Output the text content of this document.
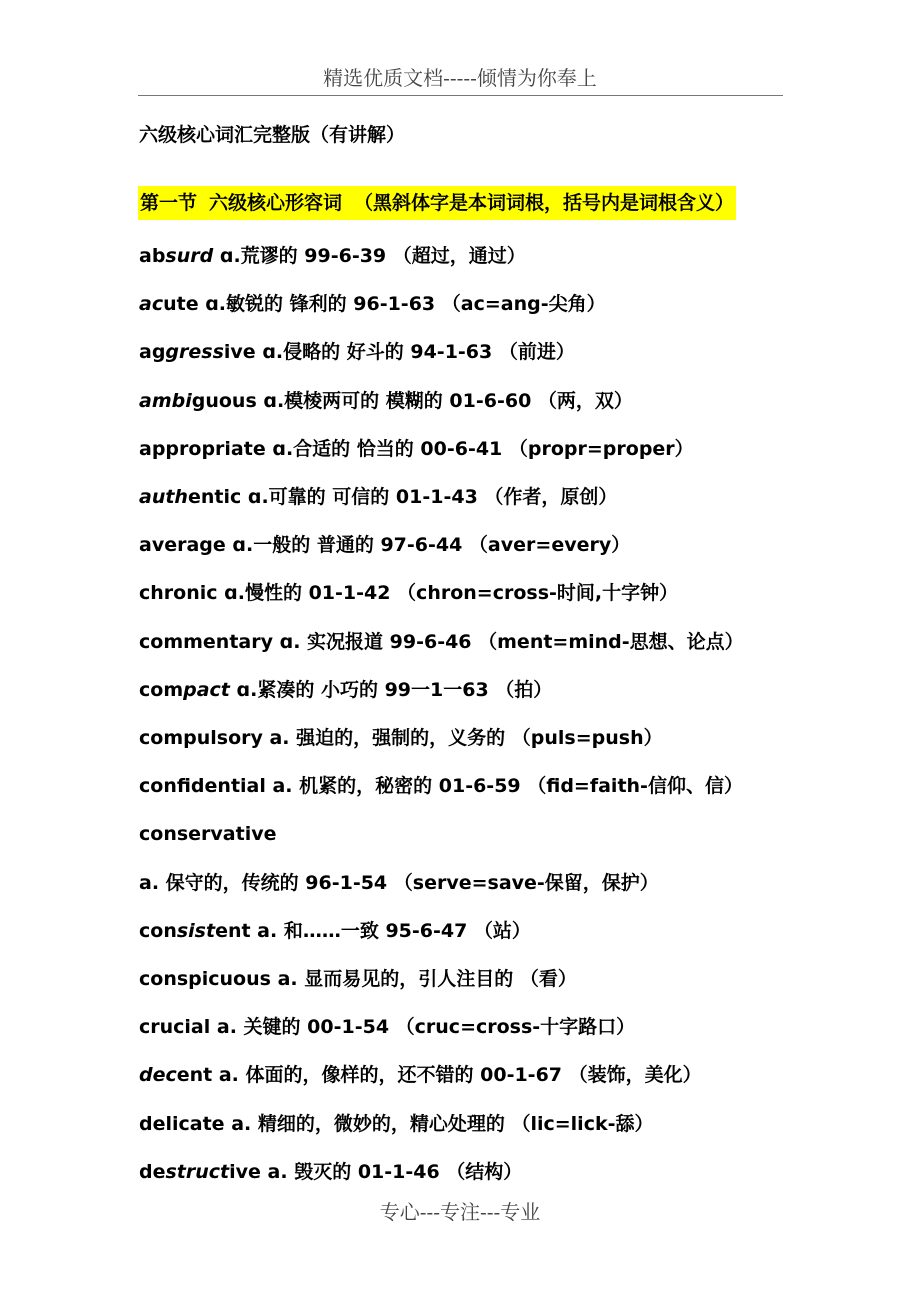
精选优质文档-----倾情为你奉上
六级核心词汇完整版（有讲解）
第一节 六级核心形容词 （黑斜体字是本词词根，括号内是词根含义）
absurd ɑ.荒谬的 99-6-39 （超过，通过）
acute ɑ.敏锐的 锋利的 96-1-63 （ac=ang-尖角）
aggressive ɑ.侵略的 好斗的 94-1-63 （前进）
ambiguous ɑ.模棱两可的 模糊的 01-6-60 （两，双）
appropriate ɑ.合适的 恰当的 00-6-41 （propr=proper）
authentic ɑ.可靠的 可信的 01-1-43 （作者，原创）
average ɑ.一般的 普通的 97-6-44 （aver=every）
chronic ɑ.慢性的 01-1-42 （chron=cross-时间,十字钟）
commentary ɑ. 实况报道 99-6-46 （ment=mind-思想、论点）
compact ɑ.紧凑的 小巧的 99一1一63 （拍）
compulsory a. 强迫的，强制的，义务的 （puls=push）
confidential a. 机紧的，秘密的 01-6-59 （fid=faith-信仰、信）
conservative a. 保守的，传统的 96-1-54 （serve=save-保留，保护）
consistent a. 和……一致 95-6-47 （站）
conspicuous a. 显而易见的，引人注目的 （看）
crucial a. 关键的 00-1-54 （cruc=cross-十字路口）
decent a. 体面的，像样的，还不错的 00-1-67 （装饰，美化）
delicate a. 精细的，微妙的，精心处理的 （lic=lick-舔）
destructive a. 毁灭的 01-1-46 （结构）
专心---专注---专业
